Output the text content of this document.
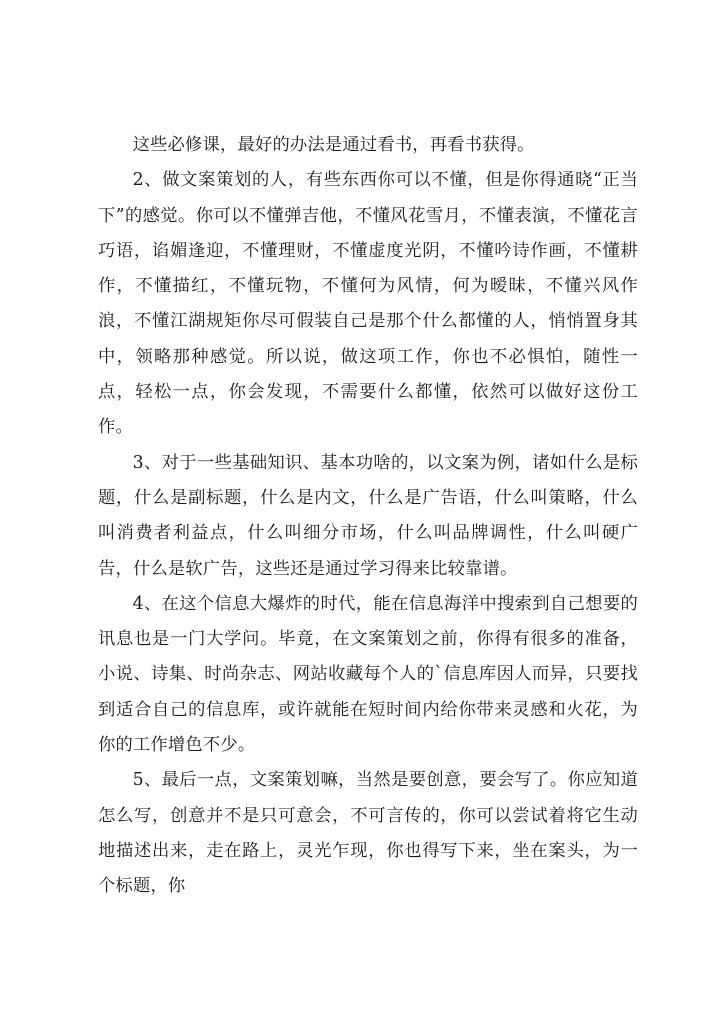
这些必修课，最好的办法是通过看书，再看书获得。

2、做文案策划的人，有些东西你可以不懂，但是你得通晓“正当下”的感觉。你可以不懂弹吉他，不懂风花雪月，不懂表演，不懂花言巧语，谄媚逢迎，不懂理财，不懂虚度光阴，不懂吟诗作画，不懂耕作，不懂描红，不懂玩物，不懂何为风情，何为暧昧，不懂兴风作浪，不懂江湖规矩你尽可假装自己是那个什么都懂的人，悄悄置身其中，领略那种感觉。所以说，做这项工作，你也不必惧怕，随性一点，轻松一点，你会发现，不需要什么都懂，依然可以做好这份工作。

3、对于一些基础知识、基本功啥的，以文案为例，诸如什么是标题，什么是副标题，什么是内文，什么是广告语，什么叫策略，什么叫消费者利益点，什么叫细分市场，什么叫品牌调性，什么叫硬广告，什么是软广告，这些还是通过学习得来比较靠谱。

4、在这个信息大爆炸的时代，能在信息海洋中搜索到自己想要的讯息也是一门大学问。毕竟，在文案策划之前，你得有很多的准备，小说、诗集、时尚杂志、网站收藏每个人的`信息库因人而异，只要找到适合自己的信息库，或许就能在短时间内给你带来灵感和火花，为你的工作增色不少。

5、最后一点，文案策划嘛，当然是要创意，要会写了。你应知道怎么写，创意并不是只可意会，不可言传的，你可以尝试着将它生动地描述出来，走在路上，灵光乍现，你也得写下来，坐在案头，为一个标题，你
